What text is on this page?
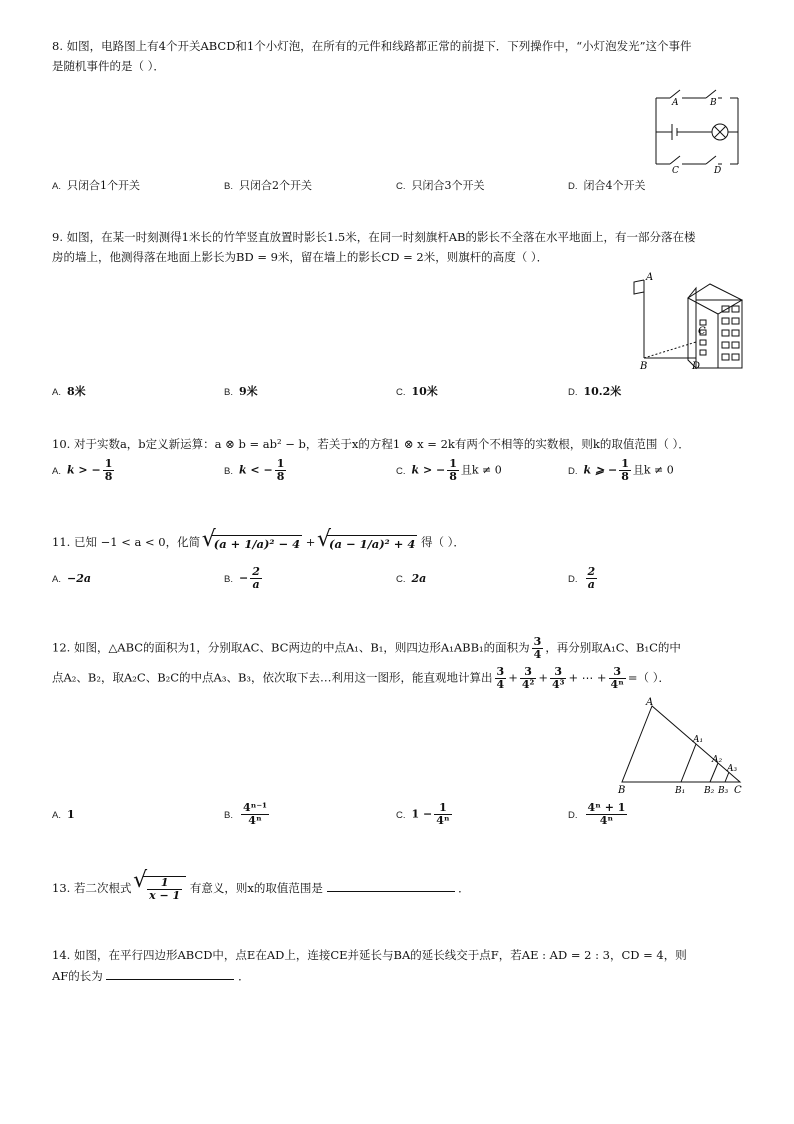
8. 如图，电路图上有4个开关ABCD和1个小灯泡，在所有的元件和线路都正常的前提下．下列操作中，“小灯泡发光”这个事件
是随机事件的是（ ）．
A	B
C	D
A. 只闭合1个开关	B. 只闭合2个开关	C. 只闭合3个开关	D. 闭合4个开关
9. 如图，在某一时刻测得1米长的竹竿竖直放置时影长1.5米，在同一时刻旗杆AB的影长不全落在水平地面上，有一部分落在楼
房的墙上，他测得落在地面上影长为BD = 9米，留在墙上的影长CD = 2米，则旗杆的高度（ ）．
A
B
C
D
A. 8米	B. 9米	C. 10米	D. 10.2米
10. 对于实数a，b定义新运算：a ⊗ b = ab² − b，若关于x的方程1 ⊗ x = 2k有两个不相等的实数根，则k的取值范围（ ）．
A. k > − $\frac{1}{8}$	B. k < − $\frac{1}{8}$	C. k > − $\frac{1}{8}$ 且k ≠ 0	D. k ⩾ − $\frac{1}{8}$ 且k ≠ 0
11. 已知 −1 < a < 0，化简 √ (a + 1/a)² − 4 + √ (a − 1/a)² + 4 得（ ）．
A. −2a	B. − $\frac{2}{a}$	C. 2a	D. $\frac{2}{a}$
12. 如图，△ABC的面积为1，分别取AC、BC两边的中点A₁、B₁，则四边形A₁ABB₁的面积为 $\frac{3}{4}$ ，再分别取A₁C、B₁C的中
点A₂、B₂，取A₂C、B₂C的中点A₃、B₃，依次取下去…利用这一图形，能直观地计算出 $\frac{3}{4} + \frac{3}{\text{4²}} + \frac{3}{\text{4³}}$ + ⋯ + $\frac{3}{\text{4ⁿ}}$ =（ ）．
A
A₁
A₂
A₃
B	B₁ B₂ B₃ C
A. 1	B. $\frac{\text{4ⁿ⁻¹}}{\text{4ⁿ}}$	C. $1 - \frac{1}{\text{4ⁿ}}$	D. $\frac{\text{4ⁿ + 1}}{\text{4ⁿ}}$
13. 若二次根式 √ $\frac{1}{x - 1}$ 有意义，则x的取值范围是	．
14. 如图，在平行四边形ABCD中，点E在AD上，连接CE并延长与BA的延长线交于点F，若AE : AD = 2 : 3，CD = 4，则
AF的长为	．
